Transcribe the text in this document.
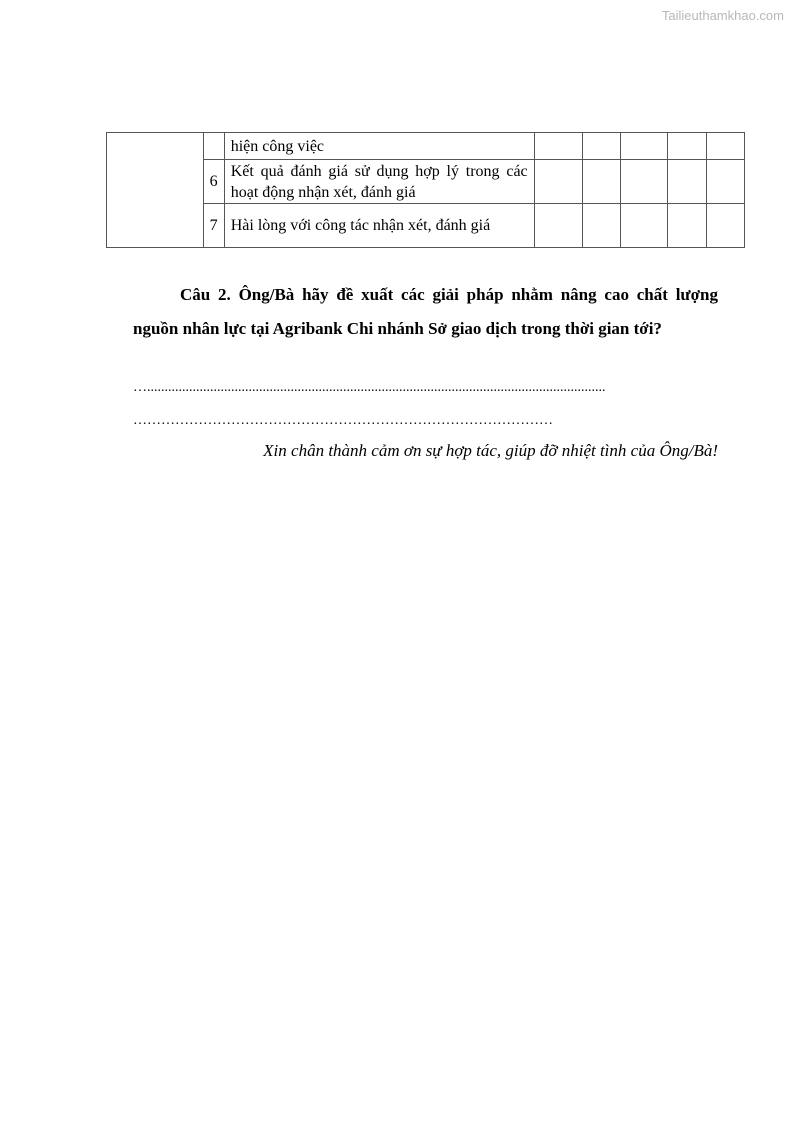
Tailieuthamkhao.com
		hiện công việc					
	6	Kết quả đánh giá sử dụng hợp lý trong các hoạt động nhận xét, đánh giá					
	7	Hài lòng với công tác nhận xét, đánh giá					

Câu 2. Ông/Bà hãy đề xuất các giải pháp nhằm nâng cao chất lượng nguồn nhân lực tại Agribank Chi nhánh Sở giao dịch trong thời gian tới?

…...................................................................................................................................

………………………………………………………………………………

Xin chân thành cảm ơn sự hợp tác, giúp đỡ nhiệt tình của Ông/Bà!
